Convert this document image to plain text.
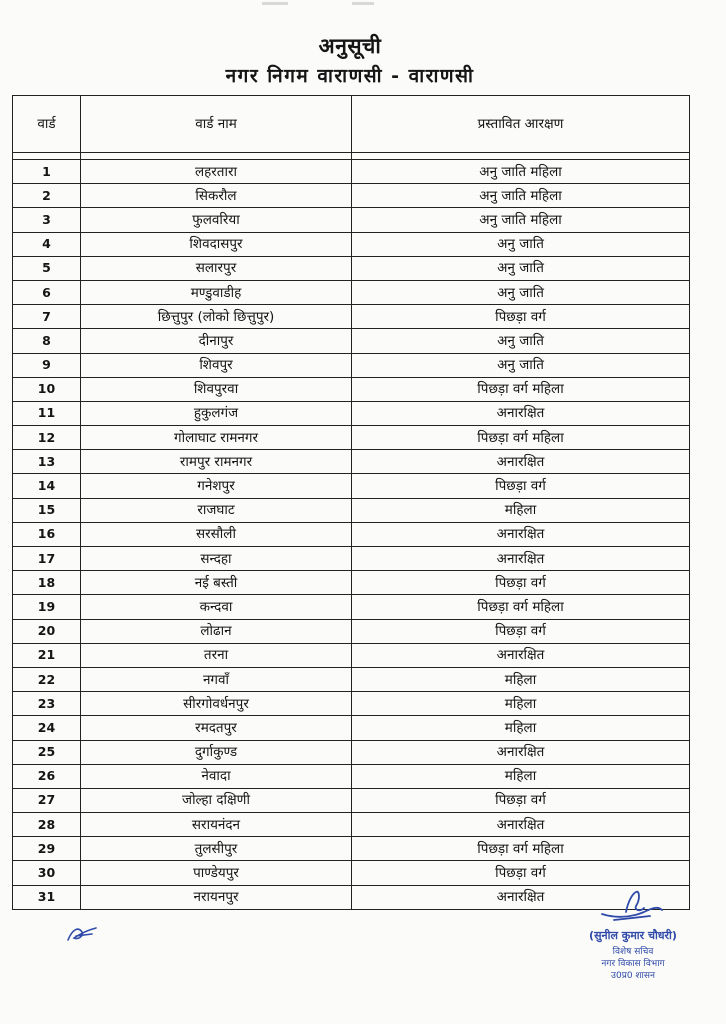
अनुसूची
नगर निगम वाराणसी - वाराणसी
वार्ड	वार्ड नाम	प्रस्तावित आरक्षण

1	लहरतारा	अनु जाति महिला
2	सिकरौल	अनु जाति महिला
3	फुलवरिया	अनु जाति महिला
4	शिवदासपुर	अनु जाति
5	सलारपुर	अनु जाति
6	मण्डुवाडीह	अनु जाति
7	छित्तुपुर (लोको छित्तुपुर)	पिछड़ा वर्ग
8	दीनापुर	अनु जाति
9	शिवपुर	अनु जाति
10	शिवपुरवा	पिछड़ा वर्ग महिला
11	हुकुलगंज	अनारक्षित
12	गोलाघाट रामनगर	पिछड़ा वर्ग महिला
13	रामपुर रामनगर	अनारक्षित
14	गनेशपुर	पिछड़ा वर्ग
15	राजघाट	महिला
16	सरसौली	अनारक्षित
17	सन्दहा	अनारक्षित
18	नई बस्ती	पिछड़ा वर्ग
19	कन्दवा	पिछड़ा वर्ग महिला
20	लोढान	पिछड़ा वर्ग
21	तरना	अनारक्षित
22	नगवॉं	महिला
23	सीरगोवर्धनपुर	महिला
24	रमदतपुर	महिला
25	दुर्गाकुण्ड	अनारक्षित
26	नेवादा	महिला
27	जोल्हा दक्षिणी	पिछड़ा वर्ग
28	सरायनंदन	अनारक्षित
29	तुलसीपुर	पिछड़ा वर्ग महिला
30	पाण्डेयपुर	पिछड़ा वर्ग
31	नरायनपुर	अनारक्षित
(सुनील कुमार चौधरी)
विशेष सचिव
नगर विकास विभाग
उ0प्र0 शासन
